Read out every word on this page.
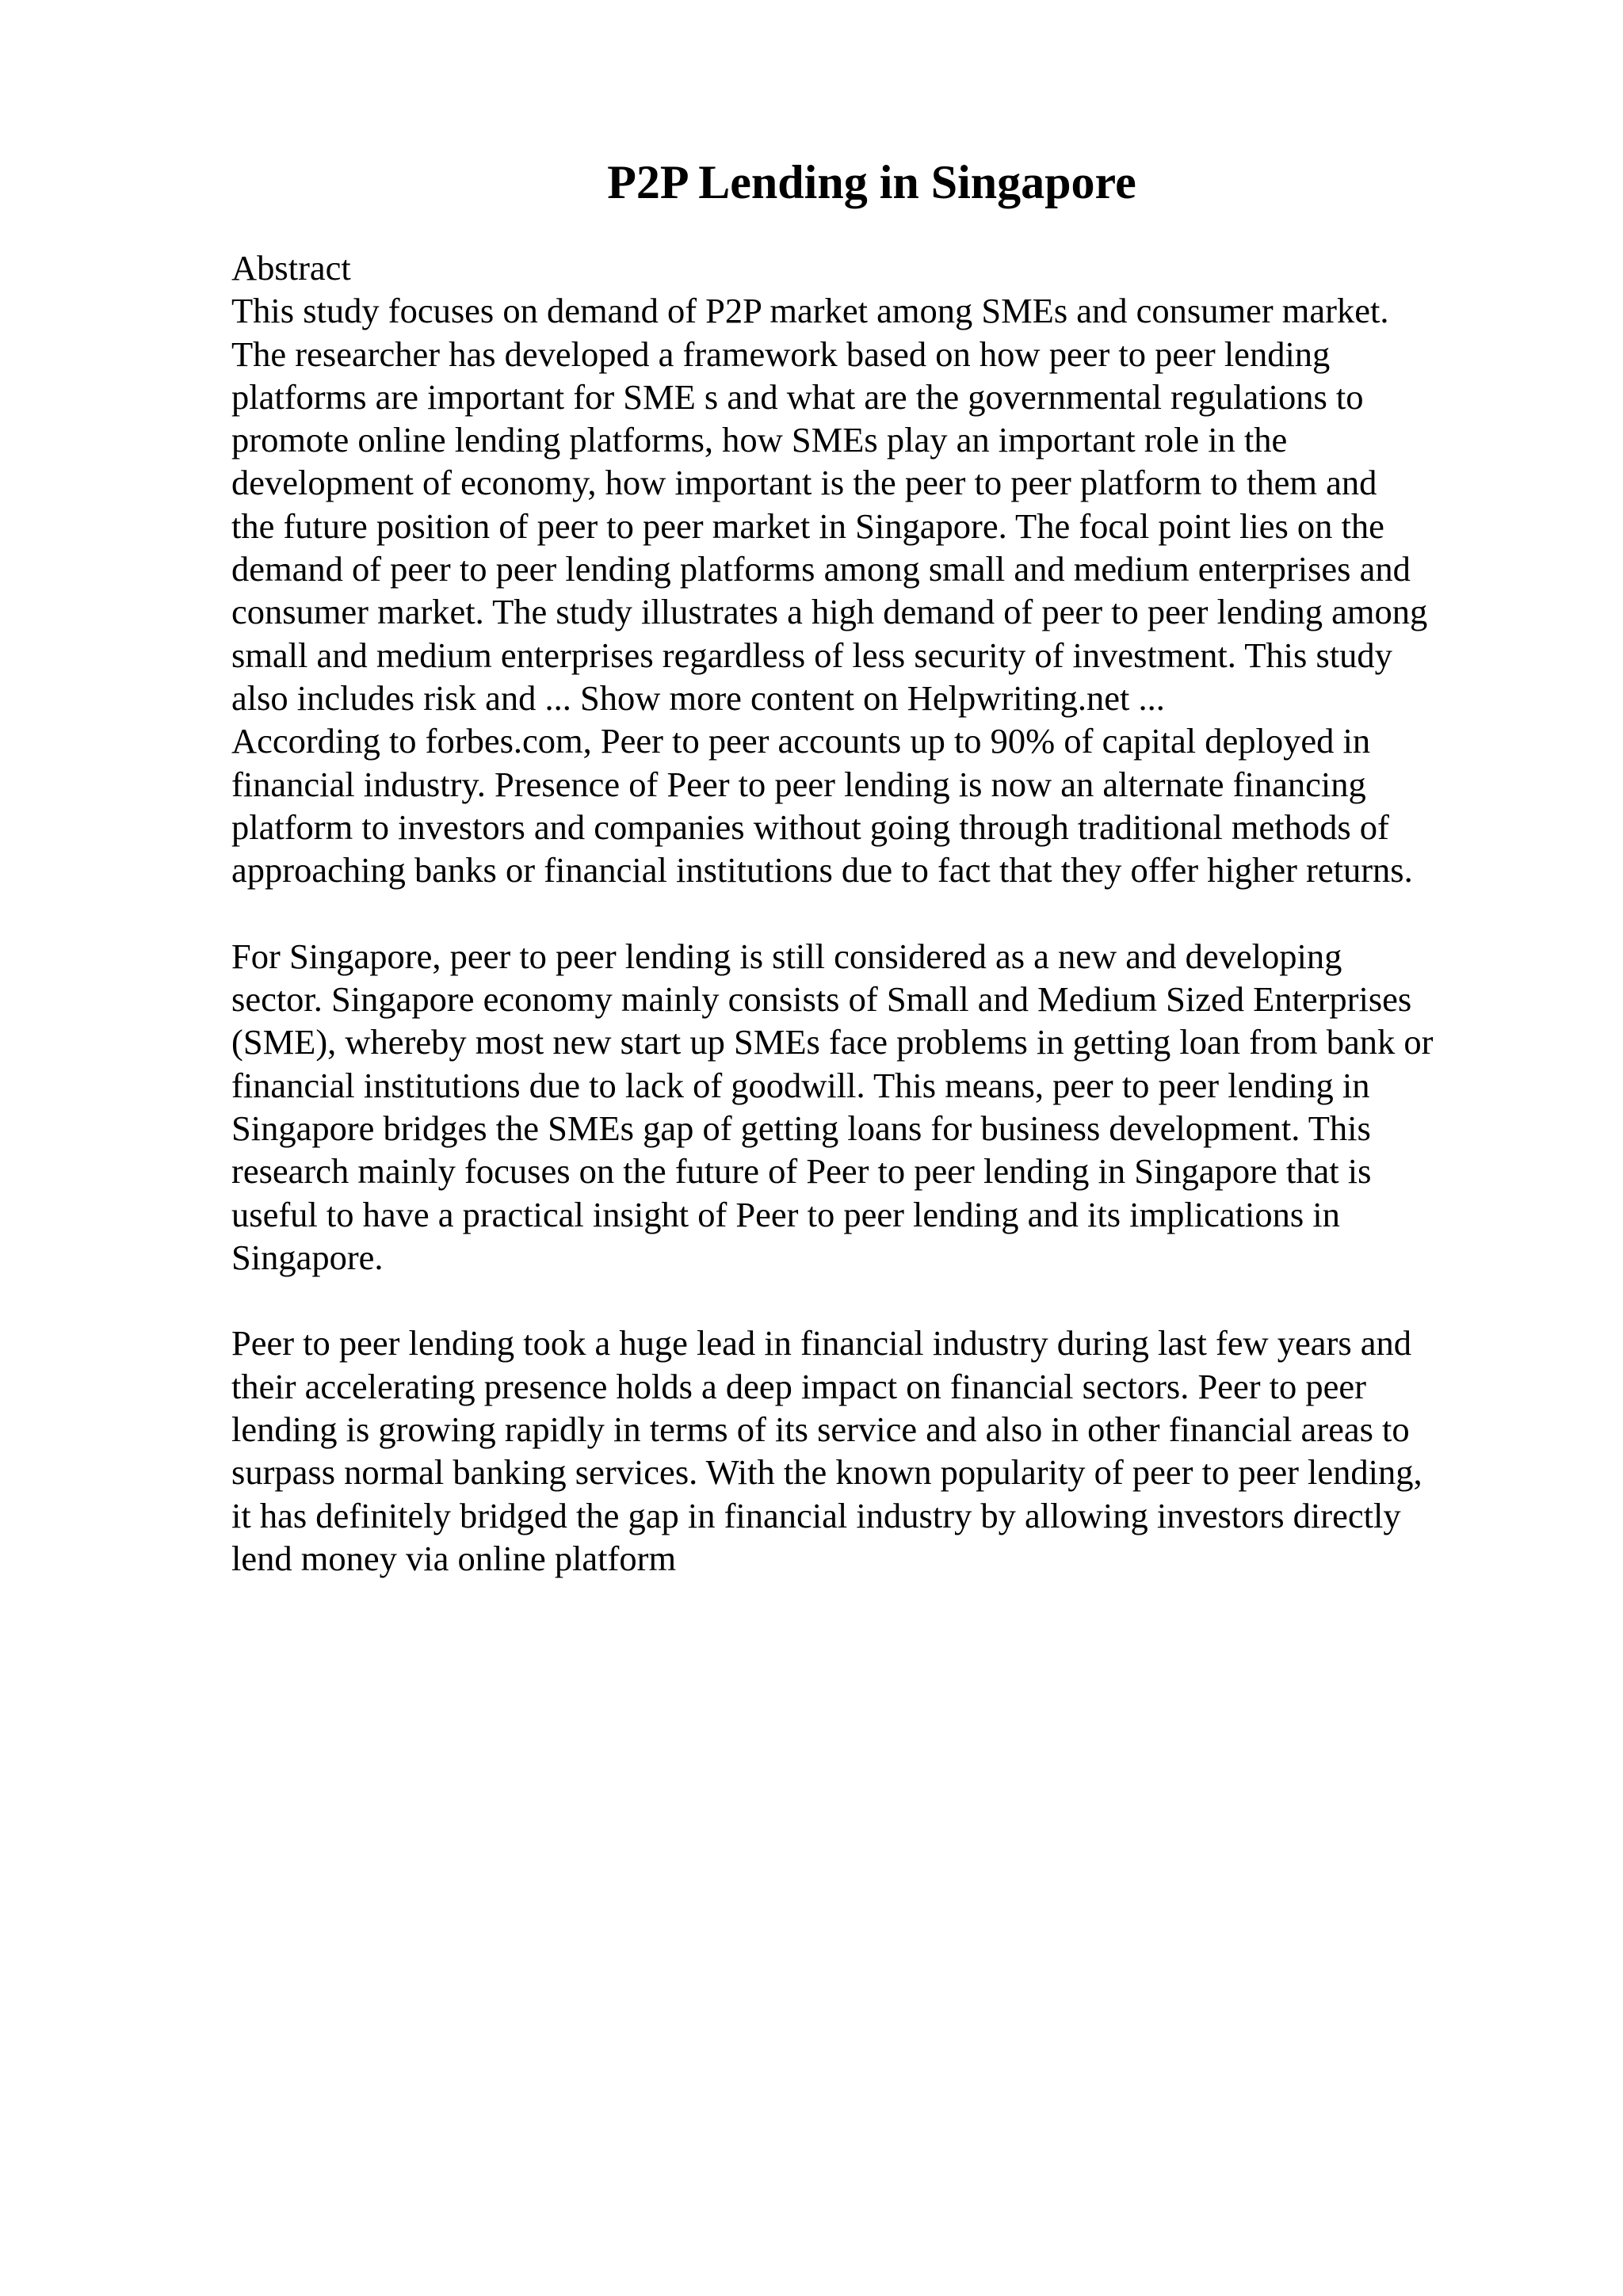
P2P Lending in Singapore
Abstract
This study focuses on demand of P2P market among SMEs and consumer market.
The researcher has developed a framework based on how peer to peer lending
platforms are important for SME s and what are the governmental regulations to
promote online lending platforms, how SMEs play an important role in the
development of economy, how important is the peer to peer platform to them and
the future position of peer to peer market in Singapore. The focal point lies on the
demand of peer to peer lending platforms among small and medium enterprises and
consumer market. The study illustrates a high demand of peer to peer lending among
small and medium enterprises regardless of less security of investment. This study
also includes risk and ... Show more content on Helpwriting.net ...
According to forbes.com, Peer to peer accounts up to 90% of capital deployed in
financial industry. Presence of Peer to peer lending is now an alternate financing
platform to investors and companies without going through traditional methods of
approaching banks or financial institutions due to fact that they offer higher returns.
For Singapore, peer to peer lending is still considered as a new and developing
sector. Singapore economy mainly consists of Small and Medium Sized Enterprises
(SME), whereby most new start up SMEs face problems in getting loan from bank or
financial institutions due to lack of goodwill. This means, peer to peer lending in
Singapore bridges the SMEs gap of getting loans for business development. This
research mainly focuses on the future of Peer to peer lending in Singapore that is
useful to have a practical insight of Peer to peer lending and its implications in
Singapore.
Peer to peer lending took a huge lead in financial industry during last few years and
their accelerating presence holds a deep impact on financial sectors. Peer to peer
lending is growing rapidly in terms of its service and also in other financial areas to
surpass normal banking services. With the known popularity of peer to peer lending,
it has definitely bridged the gap in financial industry by allowing investors directly
lend money via online platform
